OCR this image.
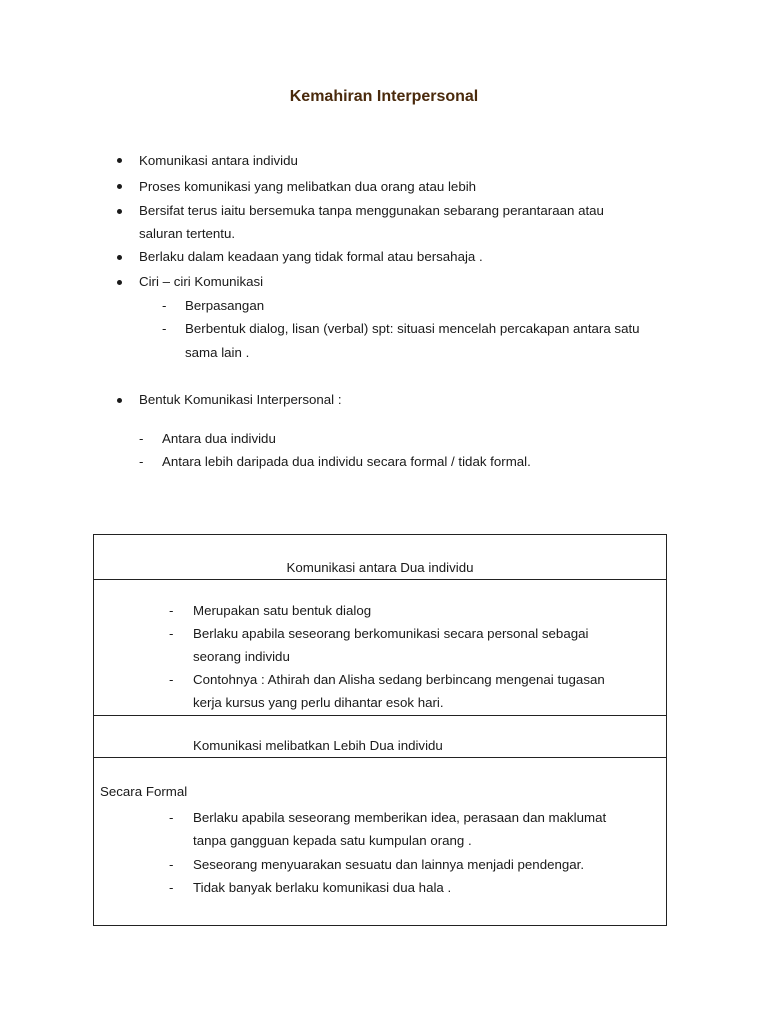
Kemahiran Interpersonal
Komunikasi antara individu
Proses komunikasi yang melibatkan dua orang atau lebih
Bersifat terus iaitu bersemuka tanpa menggunakan sebarang perantaraan atau
saluran tertentu.
Berlaku dalam keadaan yang tidak formal atau bersahaja .
Ciri – ciri Komunikasi
- Berpasangan
- Berbentuk dialog, lisan (verbal) spt: situasi mencelah percakapan antara satu
sama lain .
Bentuk Komunikasi Interpersonal :
- Antara dua individu
- Antara lebih daripada dua individu secara formal / tidak formal.
Komunikasi antara Dua individu
- Merupakan satu bentuk dialog
- Berlaku apabila seseorang berkomunikasi secara personal sebagai
seorang individu
- Contohnya : Athirah dan Alisha sedang berbincang mengenai tugasan
kerja kursus yang perlu dihantar esok hari.
Komunikasi melibatkan Lebih Dua individu
Secara Formal
- Berlaku apabila seseorang memberikan idea, perasaan dan maklumat
tanpa gangguan kepada satu kumpulan orang .
- Seseorang menyuarakan sesuatu dan lainnya menjadi pendengar.
- Tidak banyak berlaku komunikasi dua hala .
